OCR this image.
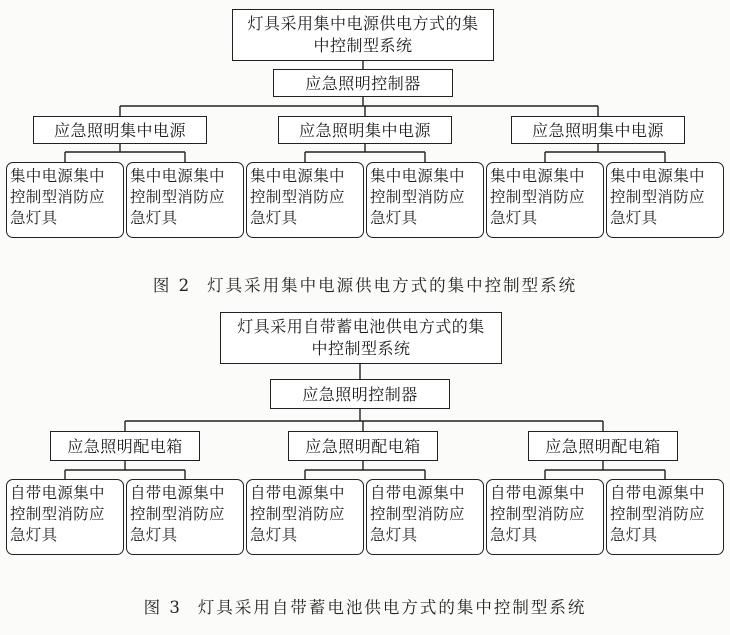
灯具采用集中电源供电方式的集中控制型系统
应急照明控制器
应急照明集中电源	应急照明集中电源	应急照明集中电源
集中电源集中控制型消防应急灯具
集中电源集中控制型消防应急灯具
集中电源集中控制型消防应急灯具
集中电源集中控制型消防应急灯具
集中电源集中控制型消防应急灯具
集中电源集中控制型消防应急灯具
图 2 灯具采用集中电源供电方式的集中控制型系统
灯具采用自带蓄电池供电方式的集中控制型系统
应急照明控制器
应急照明配电箱	应急照明配电箱	应急照明配电箱
自带电源集中控制型消防应急灯具
自带电源集中控制型消防应急灯具
自带电源集中控制型消防应急灯具
自带电源集中控制型消防应急灯具
自带电源集中控制型消防应急灯具
自带电源集中控制型消防应急灯具
图 3 灯具采用自带蓄电池供电方式的集中控制型系统
